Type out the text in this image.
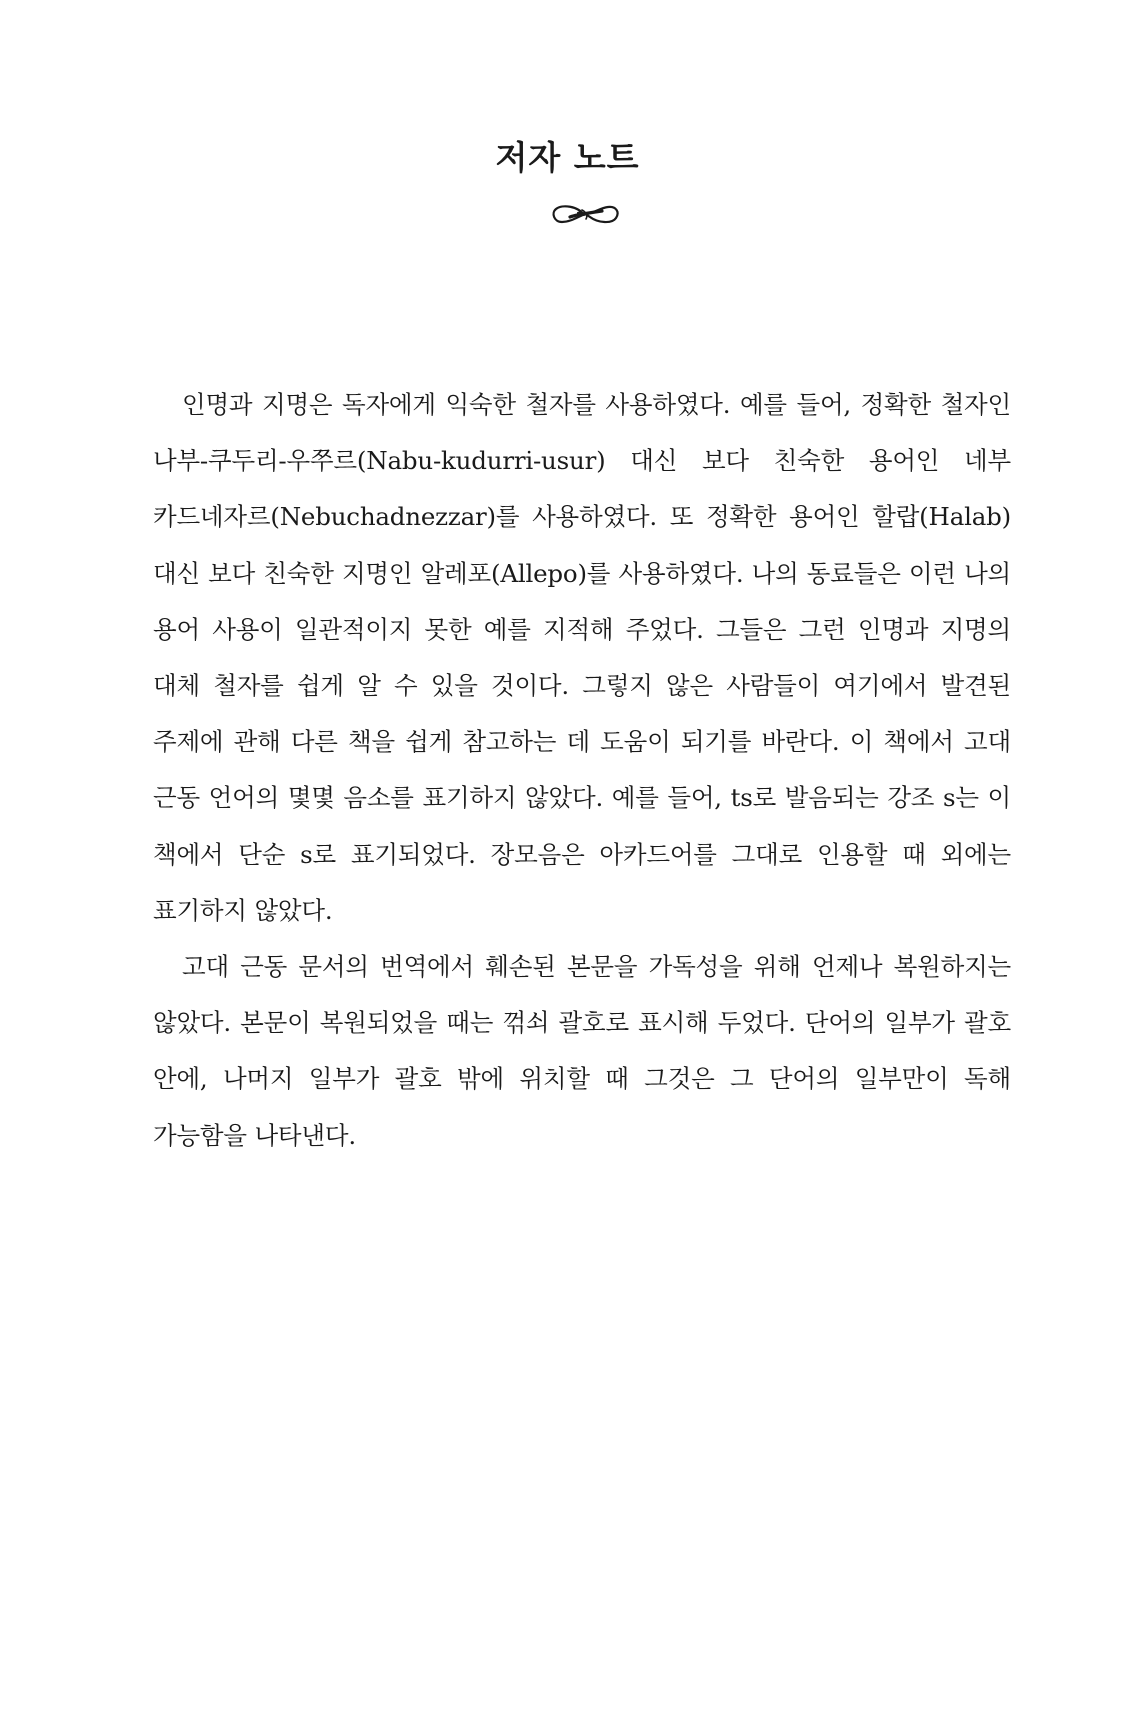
저자 노트

인명과 지명은 독자에게 익숙한 철자를 사용하였다. 예를 들어, 정확한 철자인 나부-쿠두리-우쭈르(Nabu-kudurri-usur) 대신 보다 친숙한 용어인 네부 카드네자르(Nebuchadnezzar)를 사용하였다. 또 정확한 용어인 할랍(Halab) 대신 보다 친숙한 지명인 알레포(Allepo)를 사용하였다. 나의 동료들은 이런 나의 용어 사용이 일관적이지 못한 예를 지적해 주었다. 그들은 그런 인명과 지명의 대체 철자를 쉽게 알 수 있을 것이다. 그렇지 않은 사람들이 여기에서 발견된 주제에 관해 다른 책을 쉽게 참고하는 데 도움이 되기를 바란다. 이 책에서 고대 근동 언어의 몇몇 음소를 표기하지 않았다. 예를 들어, ts로 발음되는 강조 s는 이 책에서 단순 s로 표기되었다. 장모음은 아카드어를 그대로 인용할 때 외에는 표기하지 않았다.

고대 근동 문서의 번역에서 훼손된 본문을 가독성을 위해 언제나 복원하지는 않았다. 본문이 복원되었을 때는 꺾쇠 괄호로 표시해 두었다. 단어의 일부가 괄호 안에, 나머지 일부가 괄호 밖에 위치할 때 그것은 그 단어의 일부만이 독해 가능함을 나타낸다.
